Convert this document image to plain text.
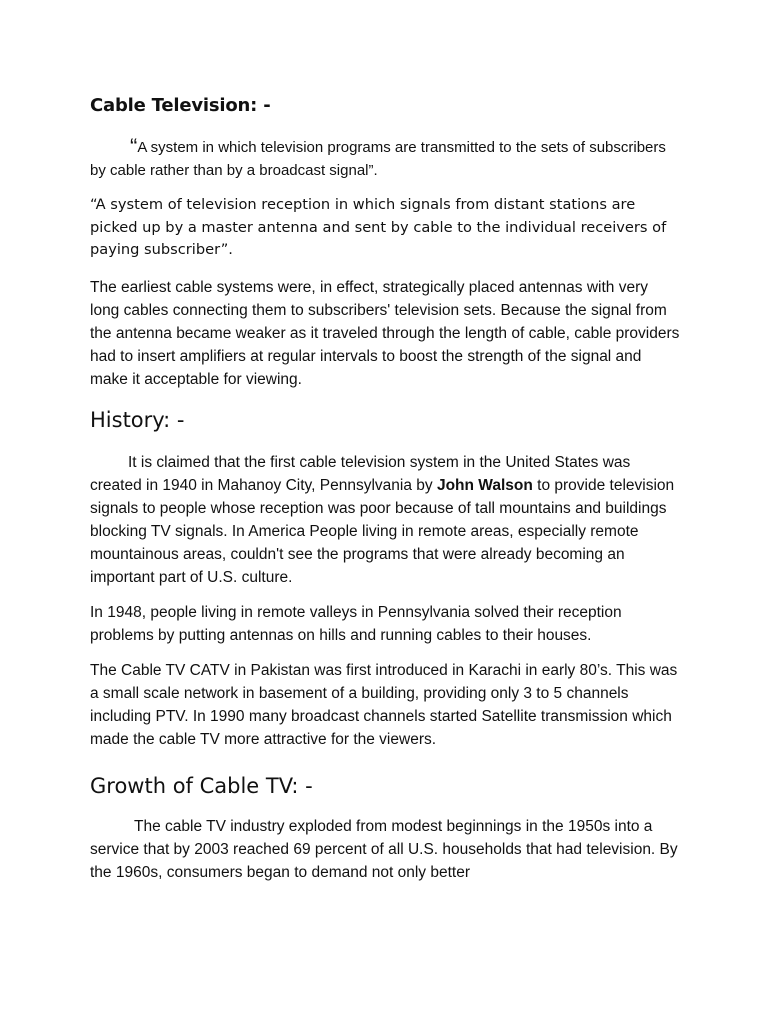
Cable Television: -

“A system in which television programs are transmitted to the sets of subscribers by cable rather than by a broadcast signal”.

“A system of television reception in which signals from distant stations are picked up by a master antenna and sent by cable to the individual receivers of paying subscriber”.

The earliest cable systems were, in effect, strategically placed antennas with very long cables connecting them to subscribers' television sets. Because the signal from the antenna became weaker as it traveled through the length of cable, cable providers had to insert amplifiers at regular intervals to boost the strength of the signal and make it acceptable for viewing.

History: -

It is claimed that the first cable television system in the United States was created in 1940 in Mahanoy City, Pennsylvania by John Walson to provide television signals to people whose reception was poor because of tall mountains and buildings blocking TV signals. In America People living in remote areas, especially remote mountainous areas, couldn't see the programs that were already becoming an important part of U.S. culture.

In 1948, people living in remote valleys in Pennsylvania solved their reception problems by putting antennas on hills and running cables to their houses.

The Cable TV CATV in Pakistan was first introduced in Karachi in early 80’s. This was a small scale network in basement of a building, providing only 3 to 5 channels including PTV. In 1990 many broadcast channels started Satellite transmission which made the cable TV more attractive for the viewers.

Growth of Cable TV: -

The cable TV industry exploded from modest beginnings in the 1950s into a service that by 2003 reached 69 percent of all U.S. households that had television. By the 1960s, consumers began to demand not only better
